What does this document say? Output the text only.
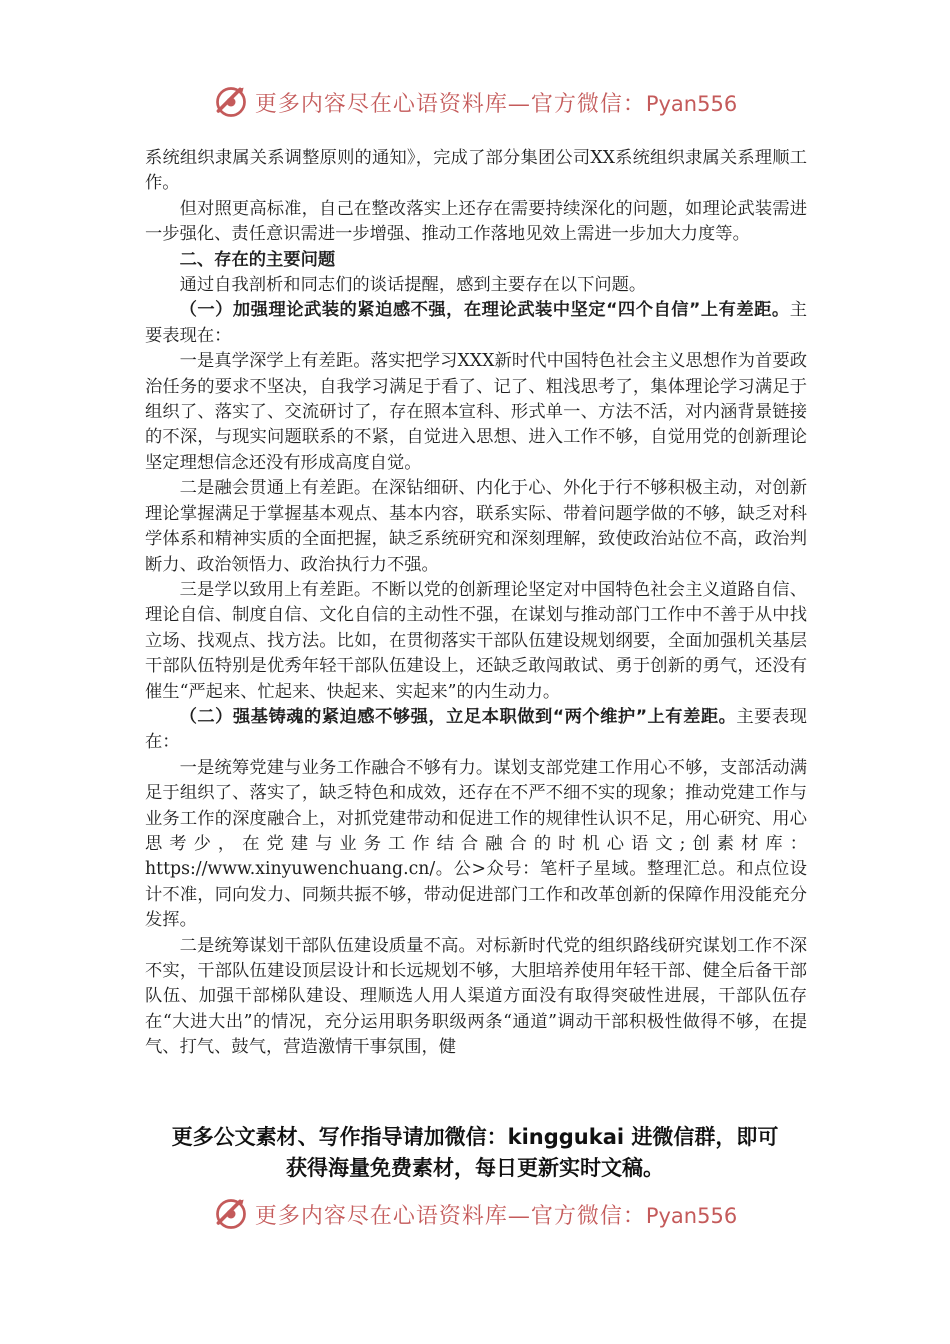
更多内容尽在心语资料库—官方微信：Pyan556

系统组织隶属关系调整原则的通知》，完成了部分集团公司XX系统组织隶属关系理顺工作。

但对照更高标准，自己在整改落实上还存在需要持续深化的问题，如理论武装需进一步强化、责任意识需进一步增强、推动工作落地见效上需进一步加大力度等。

二、存在的主要问题

通过自我剖析和同志们的谈话提醒，感到主要存在以下问题。

（一）加强理论武装的紧迫感不强，在理论武装中坚定“四个自信”上有差距。主要表现在：

一是真学深学上有差距。落实把学习XXX新时代中国特色社会主义思想作为首要政治任务的要求不坚决，自我学习满足于看了、记了、粗浅思考了，集体理论学习满足于组织了、落实了、交流研讨了，存在照本宣科、形式单一、方法不活，对内涵背景链接的不深，与现实问题联系的不紧，自觉进入思想、进入工作不够，自觉用党的创新理论坚定理想信念还没有形成高度自觉。

二是融会贯通上有差距。在深钻细研、内化于心、外化于行不够积极主动，对创新理论掌握满足于掌握基本观点、基本内容，联系实际、带着问题学做的不够，缺乏对科学体系和精神实质的全面把握，缺乏系统研究和深刻理解，致使政治站位不高，政治判断力、政治领悟力、政治执行力不强。

三是学以致用上有差距。不断以党的创新理论坚定对中国特色社会主义道路自信、理论自信、制度自信、文化自信的主动性不强，在谋划与推动部门工作中不善于从中找立场、找观点、找方法。比如，在贯彻落实干部队伍建设规划纲要，全面加强机关基层干部队伍特别是优秀年轻干部队伍建设上，还缺乏敢闯敢试、勇于创新的勇气，还没有催生“严起来、忙起来、快起来、实起来”的内生动力。

（二）强基铸魂的紧迫感不够强，立足本职做到“两个维护”上有差距。主要表现在：

一是统筹党建与业务工作融合不够有力。谋划支部党建工作用心不够，支部活动满足于组织了、落实了，缺乏特色和成效，还存在不严不细不实的现象；推动党建工作与业务工作的深度融合上，对抓党建带动和促进工作的规律性认识不足，用心研究、用心思考少，在党建与业务工作结合融合的时机心语文;创素材库：https://www.xinyuwenchuang.cn/。公>众号：笔杆子星域。整理汇总。和点位设计不准，同向发力、同频共振不够，带动促进部门工作和改革创新的保障作用没能充分发挥。

二是统筹谋划干部队伍建设质量不高。对标新时代党的组织路线研究谋划工作不深不实，干部队伍建设顶层设计和长远规划不够，大胆培养使用年轻干部、健全后备干部队伍、加强干部梯队建设、理顺选人用人渠道方面没有取得突破性进展，干部队伍存在“大进大出”的情况，充分运用职务职级两条“通道”调动干部积极性做得不够，在提气、打气、鼓气，营造激情干事氛围，健

更多公文素材、写作指导请加微信：kinggukai 进微信群，即可
获得海量免费素材，每日更新实时文稿。
更多内容尽在心语资料库—官方微信：Pyan556
